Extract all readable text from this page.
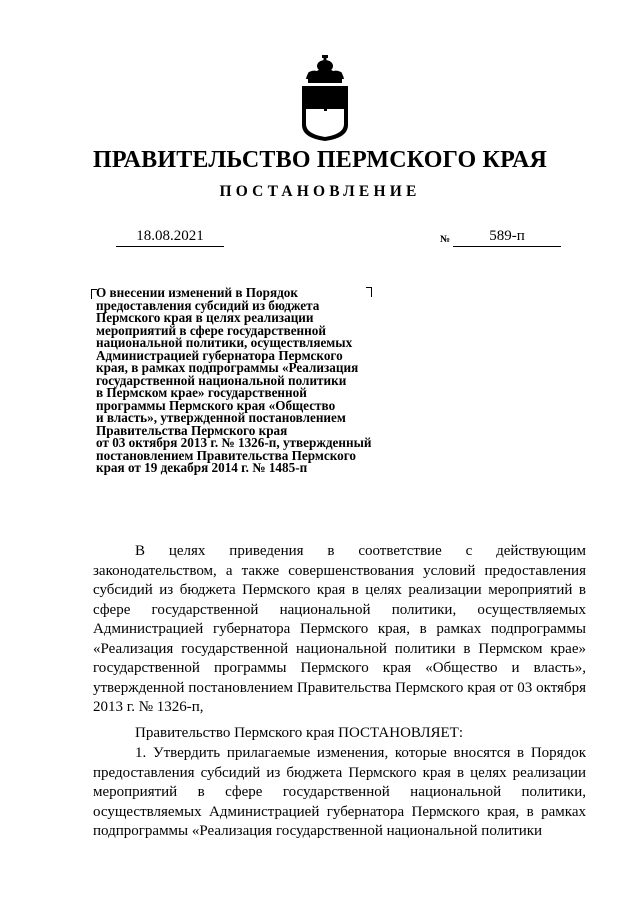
ПРАВИТЕЛЬСТВО ПЕРМСКОГО КРАЯ
ПОСТАНОВЛЕНИЕ
18.08.2021	№	589-п
О внесении изменений в Порядок
предоставления субсидий из бюджета
Пермского края в целях реализации
мероприятий в сфере государственной
национальной политики, осуществляемых
Администрацией губернатора Пермского
края, в рамках подпрограммы «Реализация
государственной национальной политики
в Пермском крае» государственной
программы Пермского края «Общество
и власть», утвержденной постановлением
Правительства Пермского края
от 03 октября 2013 г. № 1326-п, утвержденный
постановлением Правительства Пермского
края от 19 декабря 2014 г. № 1485-п

В целях приведения в соответствие с действующим законодательством, а также совершенствования условий предоставления субсидий из бюджета Пермского края в целях реализации мероприятий в сфере государственной национальной политики, осуществляемых Администрацией губернатора Пермского края, в рамках подпрограммы «Реализация государственной национальной политики в Пермском крае» государственной программы Пермского края «Общество и власть», утвержденной постановлением Правительства Пермского края от 03 октября 2013 г. № 1326-п,

Правительство Пермского края ПОСТАНОВЛЯЕТ:

1. Утвердить прилагаемые изменения, которые вносятся в Порядок предоставления субсидий из бюджета Пермского края в целях реализации мероприятий в сфере государственной национальной политики, осуществляемых Администрацией губернатора Пермского края, в рамках подпрограммы «Реализация государственной национальной политики
